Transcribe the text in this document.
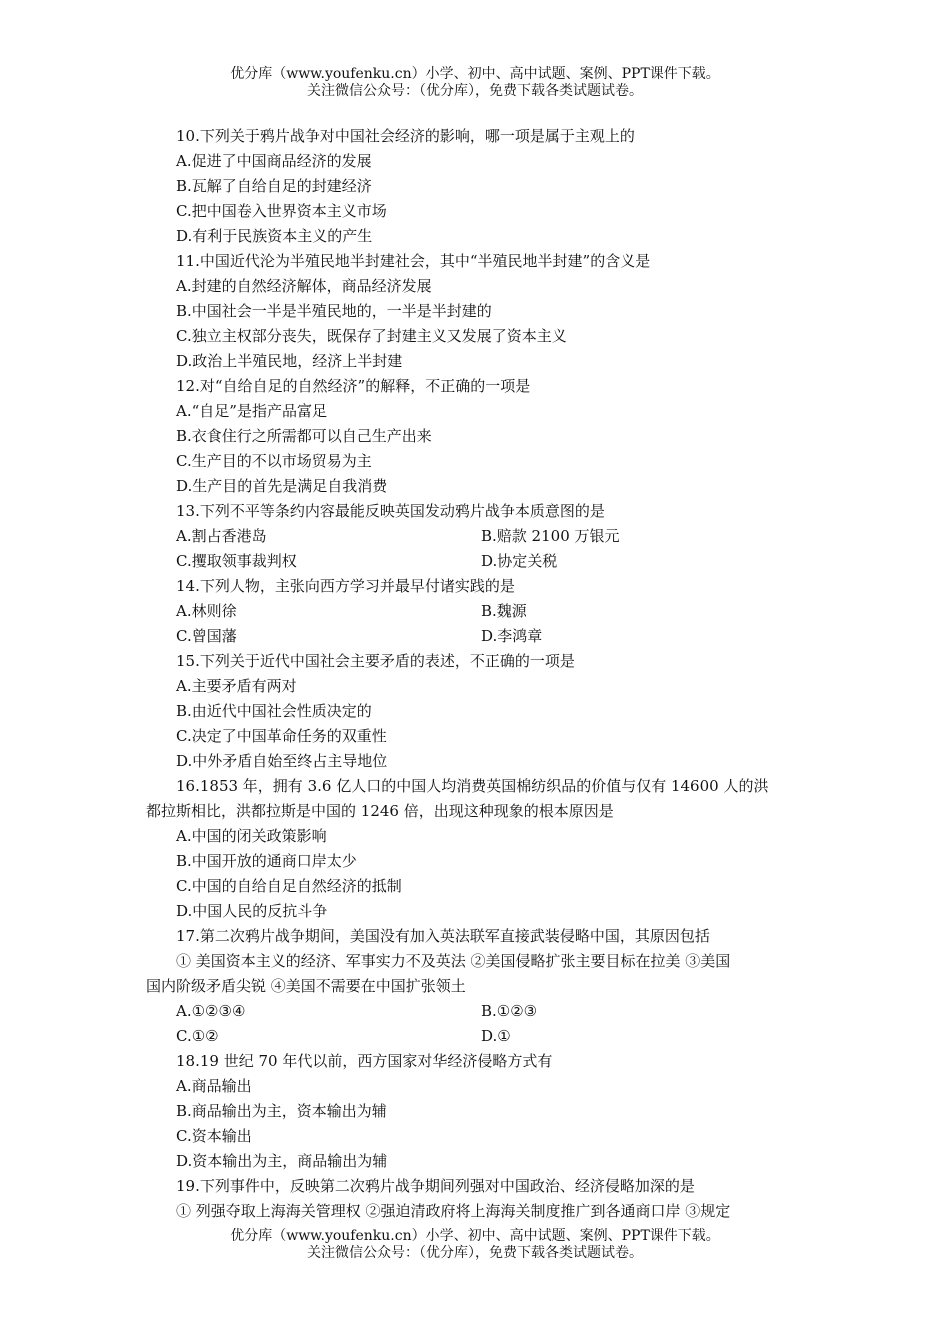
优分库（www.youfenku.cn）小学、初中、高中试题、案例、PPT课件下载。
关注微信公众号：（优分库），免费下载各类试题试卷。
10.下列关于鸦片战争对中国社会经济的影响，哪一项是属于主观上的
A.促进了中国商品经济的发展
B.瓦解了自给自足的封建经济
C.把中国卷入世界资本主义市场
D.有利于民族资本主义的产生
11.中国近代沦为半殖民地半封建社会，其中“半殖民地半封建”的含义是
A.封建的自然经济解体，商品经济发展
B.中国社会一半是半殖民地的，一半是半封建的
C.独立主权部分丧失，既保存了封建主义又发展了资本主义
D.政治上半殖民地，经济上半封建
12.对“自给自足的自然经济”的解释，不正确的一项是
A.“自足”是指产品富足
B.衣食住行之所需都可以自己生产出来
C.生产目的不以市场贸易为主
D.生产目的首先是满足自我消费
13.下列不平等条约内容最能反映英国发动鸦片战争本质意图的是
A.割占香港岛	B.赔款 2100 万银元
C.攫取领事裁判权	D.协定关税
14.下列人物，主张向西方学习并最早付诸实践的是
A.林则徐	B.魏源
C.曾国藩	D.李鸿章
15.下列关于近代中国社会主要矛盾的表述，不正确的一项是
A.主要矛盾有两对
B.由近代中国社会性质决定的
C.决定了中国革命任务的双重性
D.中外矛盾自始至终占主导地位
16.1853 年，拥有 3.6 亿人口的中国人均消费英国棉纺织品的价值与仅有 14600 人的洪
都拉斯相比，洪都拉斯是中国的 1246 倍，出现这种现象的根本原因是
A.中国的闭关政策影响
B.中国开放的通商口岸太少
C.中国的自给自足自然经济的抵制
D.中国人民的反抗斗争
17.第二次鸦片战争期间，美国没有加入英法联军直接武装侵略中国，其原因包括
① 美国资本主义的经济、军事实力不及英法 ②美国侵略扩张主要目标在拉美 ③美国
国内阶级矛盾尖锐 ④美国不需要在中国扩张领土
A.①②③④	B.①②③
C.①②	D.①
18.19 世纪 70 年代以前，西方国家对华经济侵略方式有
A.商品输出
B.商品输出为主，资本输出为辅
C.资本输出
D.资本输出为主，商品输出为辅
19.下列事件中，反映第二次鸦片战争期间列强对中国政治、经济侵略加深的是
① 列强夺取上海海关管理权 ②强迫清政府将上海海关制度推广到各通商口岸 ③规定
优分库（www.youfenku.cn）小学、初中、高中试题、案例、PPT课件下载。
关注微信公众号：（优分库），免费下载各类试题试卷。
